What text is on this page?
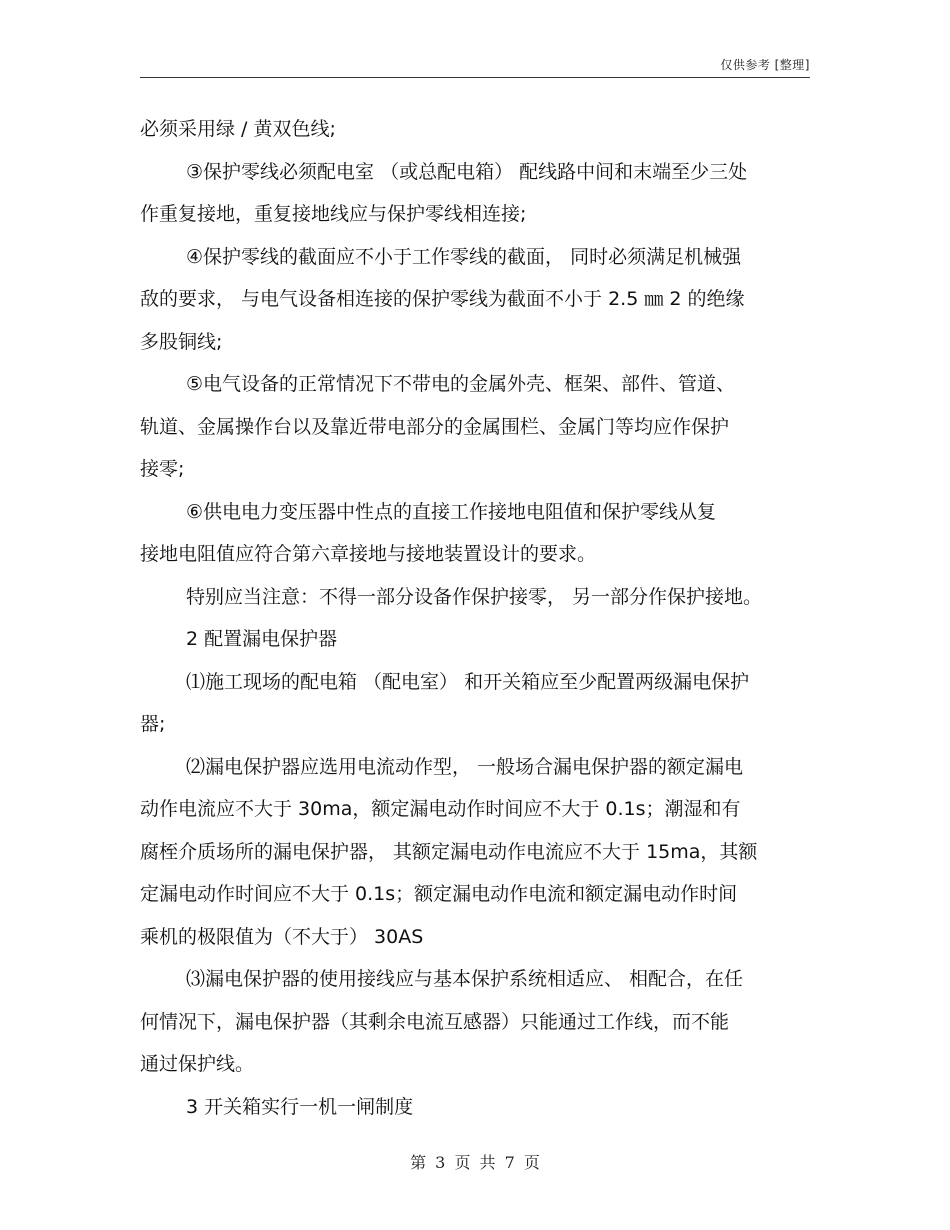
仅供参考 [整理]
必须采用绿 / 黄双色线;
③保护零线必须配电室 （或总配电箱） 配线路中间和末端至少三处
作重复接地，重复接地线应与保护零线相连接;
④保护零线的截面应不小于工作零线的截面， 同时必须满足机械强
敌的要求， 与电气设备相连接的保护零线为截面不小于 2.5 ㎜ 2 的绝缘
多股铜线;
⑤电气设备的正常情况下不带电的金属外壳、框架、部件、管道、
轨道、金属操作台以及靠近带电部分的金属围栏、金属门等均应作保护
接零;
⑥供电电力变压器中性点的直接工作接地电阻值和保护零线从复
接地电阻值应符合第六章接地与接地装置设计的要求。
特别应当注意：不得一部分设备作保护接零， 另一部分作保护接地。
2 配置漏电保护器
⑴施工现场的配电箱 （配电室） 和开关箱应至少配置两级漏电保护
器;
⑵漏电保护器应选用电流动作型， 一般场合漏电保护器的额定漏电
动作电流应不大于 30ma，额定漏电动作时间应不大于 0.1s；潮湿和有
腐桎介质场所的漏电保护器， 其额定漏电动作电流应不大于 15ma，其额
定漏电动作时间应不大于 0.1s；额定漏电动作电流和额定漏电动作时间
乘机的极限值为（不大于） 30AS
⑶漏电保护器的使用接线应与基本保护系统相适应、 相配合，在任
何情况下，漏电保护器（其剩余电流互感器）只能通过工作线，而不能
通过保护线。
3 开关箱实行一机一闸制度
第 3 页 共 7 页
